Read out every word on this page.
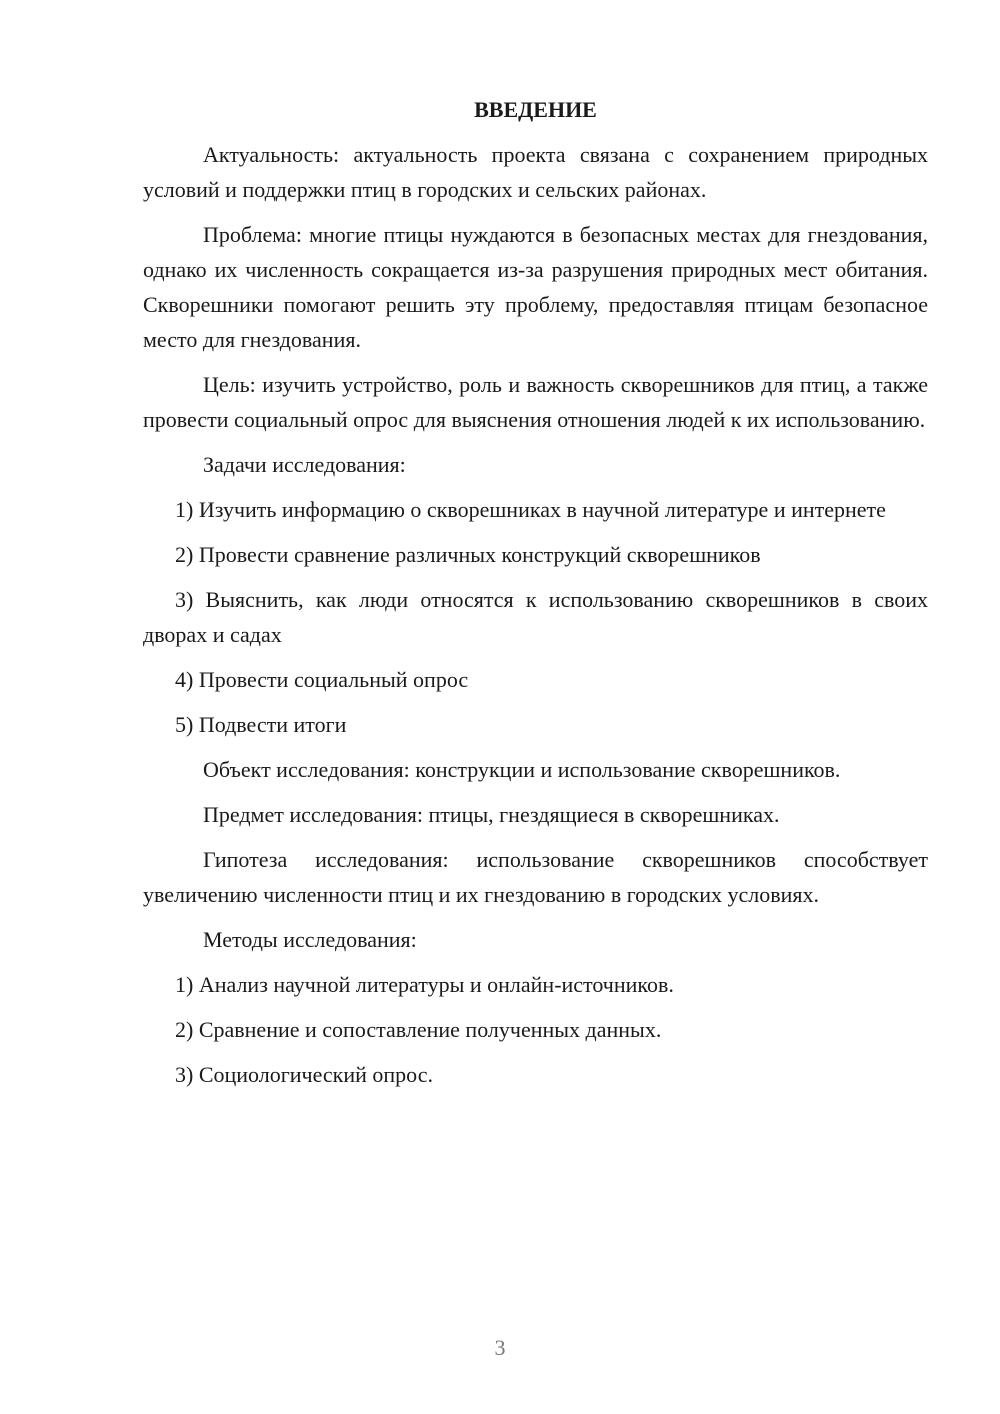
ВВЕДЕНИЕ

Актуальность: актуальность проекта связана с сохранением природных условий и поддержки птиц в городских и сельских районах.

Проблема: многие птицы нуждаются в безопасных местах для гнездования, однако их численность сокращается из-за разрушения природных мест обитания. Скворешники помогают решить эту проблему, предоставляя птицам безопасное место для гнездования.

Цель: изучить устройство, роль и важность скворешников для птиц, а также провести социальный опрос для выяснения отношения людей к их использованию.

Задачи исследования:

1) Изучить информацию о скворешниках в научной литературе и интернете

2) Провести сравнение различных конструкций скворешников

3) Выяснить, как люди относятся к использованию скворешников в своих дворах и садах

4) Провести социальный опрос

5) Подвести итоги

Объект исследования: конструкции и использование скворешников.

Предмет исследования: птицы, гнездящиеся в скворешниках.

Гипотеза исследования: использование скворешников способствует увеличению численности птиц и их гнездованию в городских условиях.

Методы исследования:

1) Анализ научной литературы и онлайн-источников.

2) Сравнение и сопоставление полученных данных.

3) Социологический опрос.

3
